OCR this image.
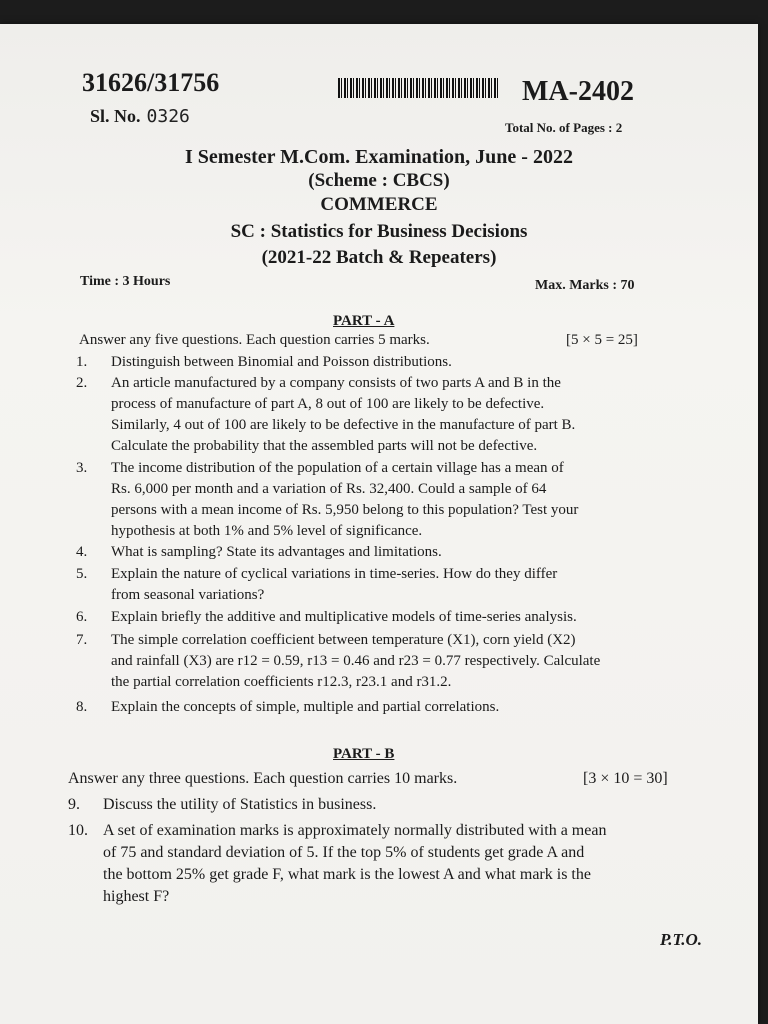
31626/31756	MA-2402
Sl. No. 0326
Total No. of Pages : 2
I Semester M.Com. Examination, June - 2022
(Scheme : CBCS)
COMMERCE
SC : Statistics for Business Decisions
(2021-22 Batch & Repeaters)
Time : 3 Hours	Max. Marks : 70
PART - A
Answer any five questions. Each question carries 5 marks.	[5 × 5 = 25]
1. Distinguish between Binomial and Poisson distributions.
2. An article manufactured by a company consists of two parts A and B in the
process of manufacture of part A, 8 out of 100 are likely to be defective.
Similarly, 4 out of 100 are likely to be defective in the manufacture of part B.
Calculate the probability that the assembled parts will not be defective.
3. The income distribution of the population of a certain village has a mean of
Rs. 6,000 per month and a variation of Rs. 32,400. Could a sample of 64
persons with a mean income of Rs. 5,950 belong to this population? Test your
hypothesis at both 1% and 5% level of significance.
4. What is sampling? State its advantages and limitations.
5. Explain the nature of cyclical variations in time-series. How do they differ
from seasonal variations?
6. Explain briefly the additive and multiplicative models of time-series analysis.
7. The simple correlation coefficient between temperature (X1), corn yield (X2)
and rainfall (X3) are r12 = 0.59, r13 = 0.46 and r23 = 0.77 respectively. Calculate
the partial correlation coefficients r12.3, r23.1 and r31.2.
8. Explain the concepts of simple, multiple and partial correlations.
PART - B
Answer any three questions. Each question carries 10 marks.	[3 × 10 = 30]
9. Discuss the utility of Statistics in business.
10. A set of examination marks is approximately normally distributed with a mean
of 75 and standard deviation of 5. If the top 5% of students get grade A and
the bottom 25% get grade F, what mark is the lowest A and what mark is the
highest F?
P.T.O.
